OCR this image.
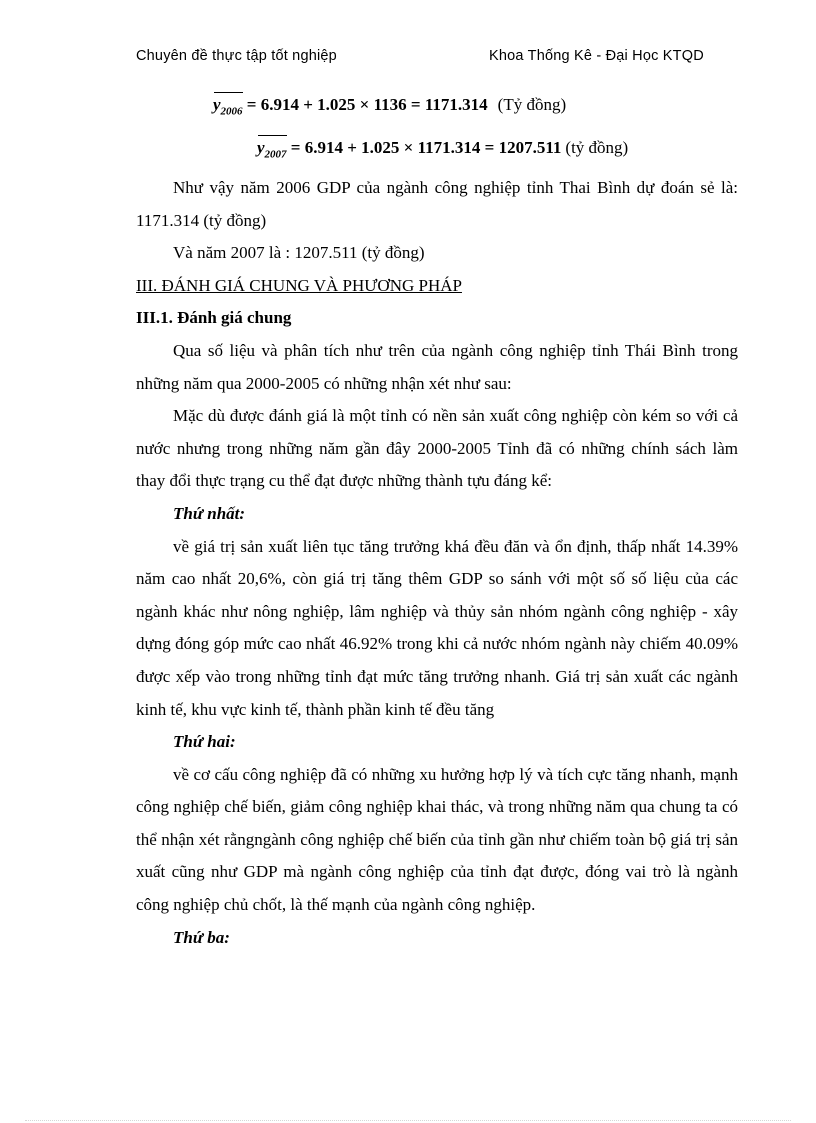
Chuyên đề thực tập tốt nghiệp	Khoa Thống Kê - Đại Học KTQD
$y_{2006} = 6.914 + 1.025 \times 1136 = 1171.314$ (Tỷ đồng)
$y_{2007} = 6.914 + 1.025 \times 1171.314 = 1207.511$ (tỷ đồng)

Như vậy năm 2006 GDP của ngành công nghiệp tỉnh Thai Bình dự đoán sẻ là: 1171.314 (tỷ đồng)

Và năm 2007 là : 1207.511 (tỷ đồng)

III. ĐÁNH GIÁ CHUNG VÀ PHƯƠNG PHÁP

III.1. Đánh giá chung

Qua số liệu và phân tích như trên của ngành công nghiệp tỉnh Thái Bình trong những năm qua 2000-2005 có những nhận xét như sau:

Mặc dù được đánh giá là một tỉnh có nền sản xuất công nghiệp còn kém so với cả nước nhưng trong những năm gần đây 2000-2005 Tỉnh đã có những chính sách làm thay đổi thực trạng cu thể đạt được những thành tựu đáng kể:

Thứ nhất:

về giá trị sản xuất liên tục tăng trưởng khá đều đăn và ổn định, thấp nhất 14.39% năm cao nhất 20,6%, còn giá trị tăng thêm GDP so sánh với một số số liệu của các ngành khác như nông nghiệp, lâm nghiệp và thủy sản nhóm ngành công nghiệp - xây dựng đóng góp mức cao nhất 46.92% trong khi cả nước nhóm ngành này chiếm 40.09% được xếp vào trong những tỉnh đạt mức tăng trưởng nhanh. Giá trị sản xuất các ngành kinh tế, khu vực kinh tế, thành phần kinh tế đều tăng

Thứ hai:

về cơ cấu công nghiệp đã có những xu hưởng hợp lý và tích cực tăng nhanh, mạnh công nghiệp chế biến, giảm công nghiệp khai thác, và trong những năm qua chung ta có thể nhận xét rằngngành công nghiệp chế biến của tỉnh gần như chiếm toàn bộ giá trị sản xuất cũng như GDP mà ngành công nghiệp của tỉnh đạt được, đóng vai trò là ngành công nghiệp chủ chốt, là thế mạnh của ngành công nghiệp.

Thứ ba:
